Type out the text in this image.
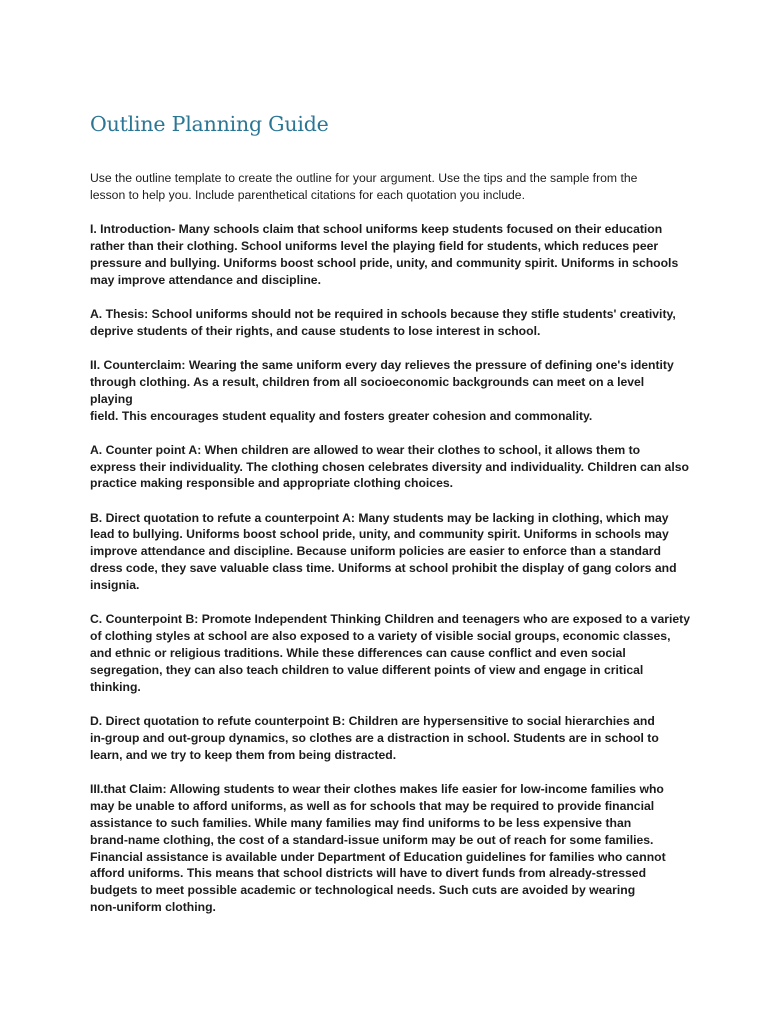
Outline Planning Guide

Use the outline template to create the outline for your argument. Use the tips and the sample from the
lesson to help you. Include parenthetical citations for each quotation you include.

I. Introduction- Many schools claim that school uniforms keep students focused on their education
rather than their clothing. School uniforms level the playing field for students, which reduces peer
pressure and bullying. Uniforms boost school pride, unity, and community spirit. Uniforms in schools
may improve attendance and discipline.

A. Thesis: School uniforms should not be required in schools because they stifle students' creativity,
deprive students of their rights, and cause students to lose interest in school.

II. Counterclaim: Wearing the same uniform every day relieves the pressure of defining one's identity
through clothing. As a result, children from all socioeconomic backgrounds can meet on a level playing
field. This encourages student equality and fosters greater cohesion and commonality.

A. Counter point A: When children are allowed to wear their clothes to school, it allows them to
express their individuality. The clothing chosen celebrates diversity and individuality. Children can also
practice making responsible and appropriate clothing choices.

B. Direct quotation to refute a counterpoint A: Many students may be lacking in clothing, which may
lead to bullying. Uniforms boost school pride, unity, and community spirit. Uniforms in schools may
improve attendance and discipline. Because uniform policies are easier to enforce than a standard
dress code, they save valuable class time. Uniforms at school prohibit the display of gang colors and
insignia.

C. Counterpoint B: Promote Independent Thinking Children and teenagers who are exposed to a variety
of clothing styles at school are also exposed to a variety of visible social groups, economic classes,
and ethnic or religious traditions. While these differences can cause conflict and even social
segregation, they can also teach children to value different points of view and engage in critical
thinking.

D. Direct quotation to refute counterpoint B: Children are hypersensitive to social hierarchies and
in-group and out-group dynamics, so clothes are a distraction in school. Students are in school to
learn, and we try to keep them from being distracted.

III.that Claim: Allowing students to wear their clothes makes life easier for low-income families who
may be unable to afford uniforms, as well as for schools that may be required to provide financial
assistance to such families. While many families may find uniforms to be less expensive than
brand-name clothing, the cost of a standard-issue uniform may be out of reach for some families.
Financial assistance is available under Department of Education guidelines for families who cannot
afford uniforms. This means that school districts will have to divert funds from already-stressed
budgets to meet possible academic or technological needs. Such cuts are avoided by wearing
non-uniform clothing.
